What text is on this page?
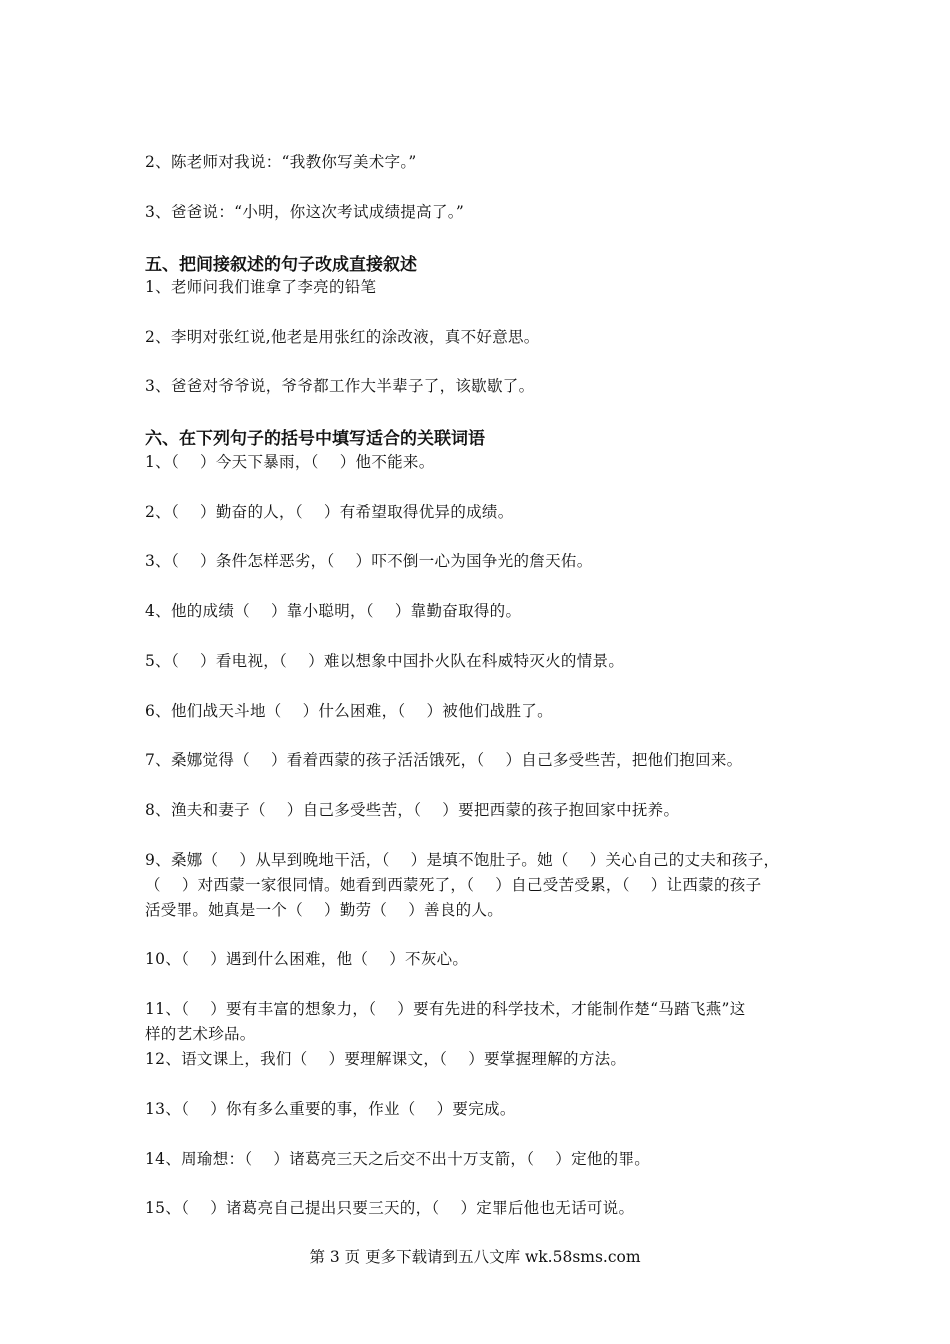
2、陈老师对我说：“我教你写美术字。”
3、爸爸说：“小明，你这次考试成绩提高了。”
五、把间接叙述的句子改成直接叙述
1、老师问我们谁拿了李亮的铅笔
2、李明对张红说,他老是用张红的涂改液，真不好意思。
3、爸爸对爷爷说，爷爷都工作大半辈子了，该歇歇了。
六、在下列句子的括号中填写适合的关联词语
1、（　 ）今天下暴雨，（　 ）他不能来。
2、（　 ）勤奋的人，（　 ）有希望取得优异的成绩。
3、（　 ）条件怎样恶劣，（　 ）吓不倒一心为国争光的詹天佑。
4、他的成绩（　 ）靠小聪明，（　 ）靠勤奋取得的。
5、（　 ）看电视，（　 ）难以想象中国扑火队在科威特灭火的情景。
6、他们战天斗地（　 ）什么困难，（　 ）被他们战胜了。
7、桑娜觉得（　 ）看着西蒙的孩子活活饿死，（　 ）自己多受些苦，把他们抱回来。
8、渔夫和妻子（　 ）自己多受些苦，（　 ）要把西蒙的孩子抱回家中抚养。
9、桑娜（　 ）从早到晚地干活，（　 ）是填不饱肚子。她（　 ）关心自己的丈夫和孩子，
（　 ）对西蒙一家很同情。她看到西蒙死了，（　 ）自己受苦受累，（　 ）让西蒙的孩子
活受罪。她真是一个（　 ）勤劳（　 ）善良的人。
10、（　 ）遇到什么困难，他（　 ）不灰心。
11、（　 ）要有丰富的想象力，（　 ）要有先进的科学技术，才能制作楚“马踏飞燕”这
样的艺术珍品。
12、语文课上，我们（　 ）要理解课文，（　 ）要掌握理解的方法。
13、（　 ）你有多么重要的事，作业（　 ）要完成。
14、周瑜想：（　 ）诸葛亮三天之后交不出十万支箭，（　 ）定他的罪。
15、（　 ）诸葛亮自己提出只要三天的，（　 ）定罪后他也无话可说。
第 3 页 更多下载请到五八文库 wk.58sms.com
